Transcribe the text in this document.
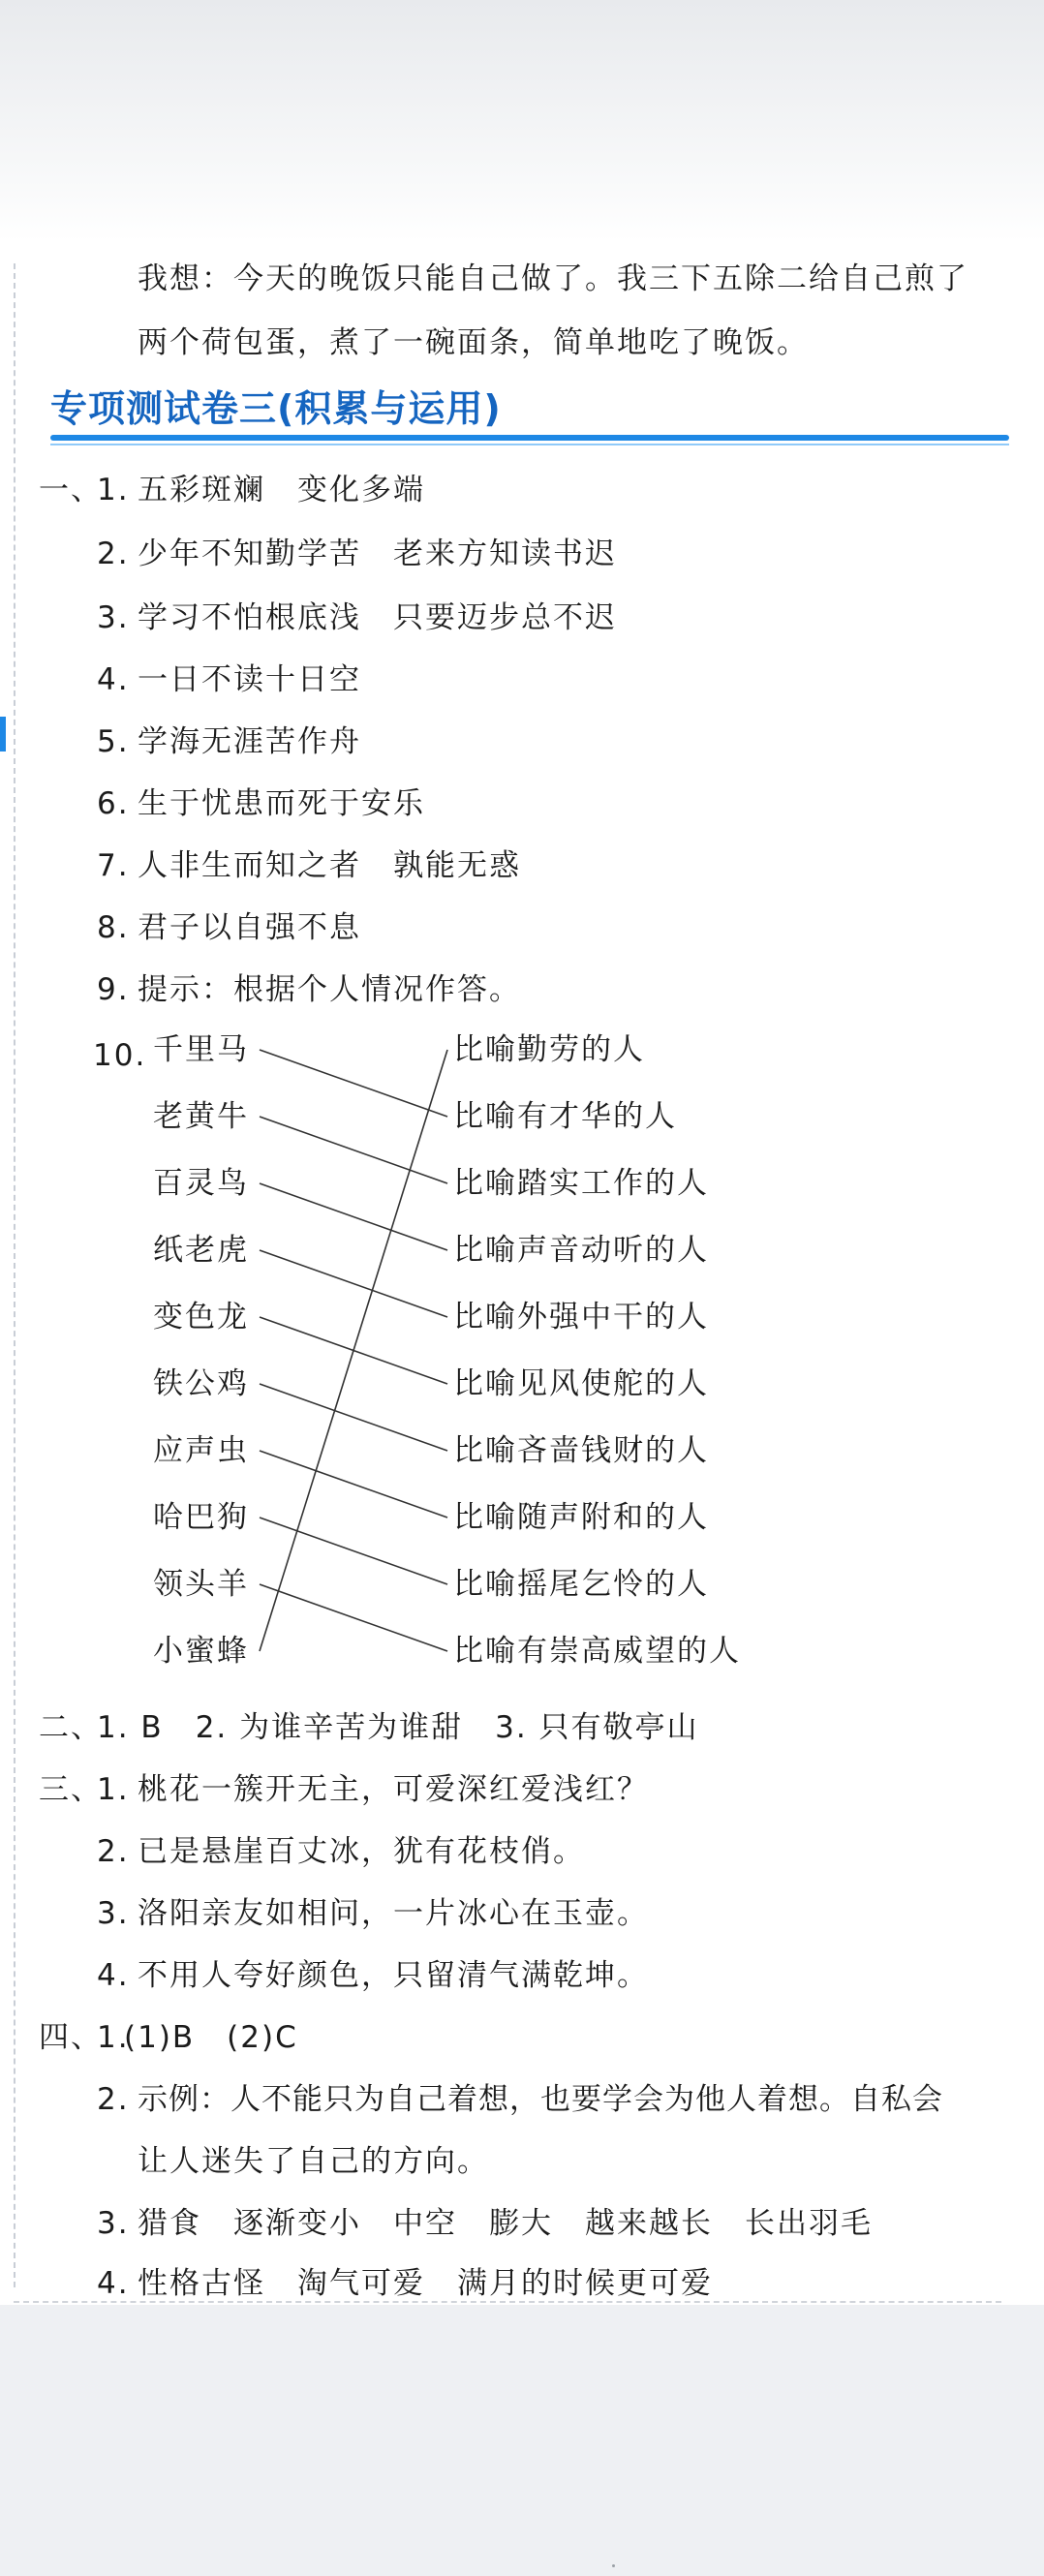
我想：今天的晚饭只能自己做了。我三下五除二给自己煎了
两个荷包蛋，煮了一碗面条，简单地吃了晚饭。
专项测试卷三(积累与运用)
一、
1. 五彩斑斓　变化多端
2. 少年不知勤学苦　老来方知读书迟
3. 学习不怕根底浅　只要迈步总不迟
4. 一日不读十日空
5. 学海无涯苦作舟
6. 生于忧患而死于安乐
7. 人非生而知之者　孰能无惑
8. 君子以自强不息
9. 提示：根据个人情况作答。
10. 千里马
老黄牛
百灵鸟
纸老虎
变色龙
铁公鸡
应声虫
哈巴狗
领头羊
小蜜蜂
比喻勤劳的人
比喻有才华的人
比喻踏实工作的人
比喻声音动听的人
比喻外强中干的人
比喻见风使舵的人
比喻吝啬钱财的人
比喻随声附和的人
比喻摇尾乞怜的人
比喻有崇高威望的人
二、
1. B　2. 为谁辛苦为谁甜　3. 只有敬亭山
三、
1. 桃花一簇开无主，可爱深红爱浅红？
2. 已是悬崖百丈冰，犹有花枝俏。
3. 洛阳亲友如相问，一片冰心在玉壶。
4. 不用人夸好颜色，只留清气满乾坤。
四、
1.
(1)B　(2)C
2. 示例：人不能只为自己着想，也要学会为他人着想。自私会
让人迷失了自己的方向。
3. 猎食　逐渐变小　中空　膨大　越来越长　长出羽毛
4. 性格古怪　淘气可爱　满月的时候更可爱
